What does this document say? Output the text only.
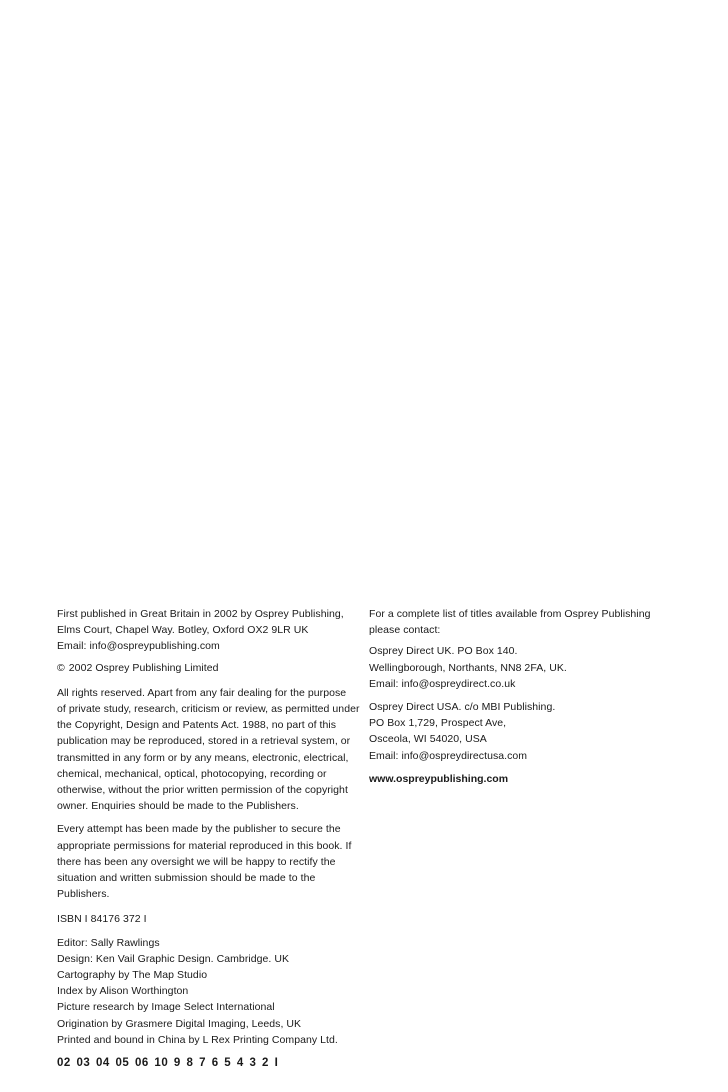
First published in Great Britain in 2002 by Osprey Publishing,
Elms Court, Chapel Way. Botley, Oxford OX2 9LR UK
Email: info@ospreypublishing.com
© 2002 Osprey Publishing Limited
All rights reserved. Apart from any fair dealing for the purpose
of private study, research, criticism or review, as permitted under
the Copyright, Design and Patents Act. 1988, no part of this
publication may be reproduced, stored in a retrieval system, or
transmitted in any form or by any means, electronic, electrical,
chemical, mechanical, optical, photocopying, recording or
otherwise, without the prior written permission of the copyright
owner. Enquiries should be made to the Publishers.
Every attempt has been made by the publisher to secure the
appropriate permissions for material reproduced in this book. If
there has been any oversight we will be happy to rectify the
situation and written submission should be made to the
Publishers.
ISBN I 84176 372 I
Editor: Sally Rawlings
Design: Ken Vail Graphic Design. Cambridge. UK
Cartography by The Map Studio
Index by Alison Worthington
Picture research by Image Select International
Origination by Grasmere Digital Imaging, Leeds, UK
Printed and bound in China by L Rex Printing Company Ltd.
02 03 04 05 06 10 9 8 7 6 5 4 3 2 I
For a complete list of titles available from Osprey Publishing
please contact:
Osprey Direct UK. PO Box 140.
Wellingborough, Northants, NN8 2FA, UK.
Email: info@ospreydirect.co.uk
Osprey Direct USA. c/o MBI Publishing.
PO Box 1,729, Prospect Ave,
Osceola, WI 54020, USA
Email: info@ospreydirectusa.com
www.ospreypublishing.com
